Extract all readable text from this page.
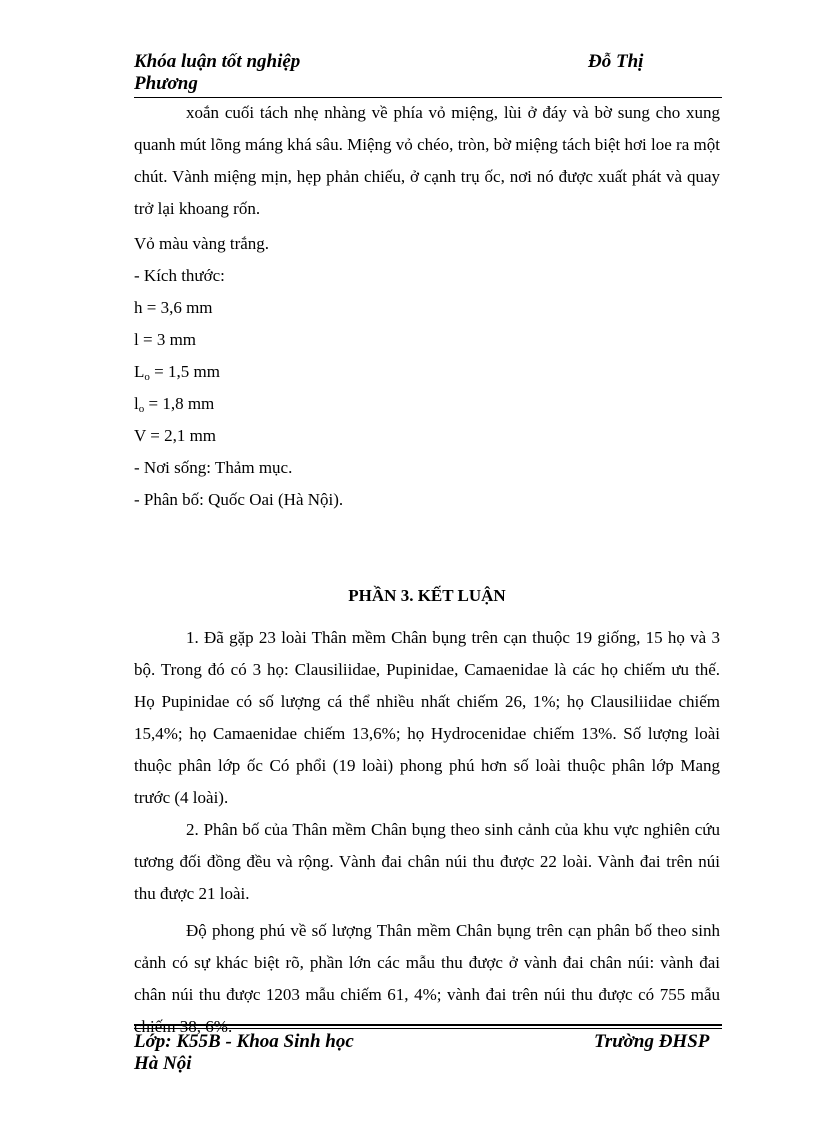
Khóa luận tốt nghiệp	Đỗ Thị
Phương

xoắn cuối tách nhẹ nhàng về phía vỏ miệng, lùi ở đáy và bờ sung cho xung quanh mút lõng máng khá sâu. Miệng vỏ chéo, tròn, bờ miệng tách biệt hơi loe ra một chút. Vành miệng mịn, hẹp phản chiếu, ở cạnh trụ ốc, nơi nó được xuất phát và quay trở lại khoang rốn.

Vỏ màu vàng trắng.
- Kích thước:
h = 3,6 mm
l = 3 mm
$L_o = 1,5$ mm
$l_o = 1,8$ mm
V = 2,1 mm
- Nơi sống: Thảm mục.
- Phân bố: Quốc Oai (Hà Nội).
PHẦN 3. KẾT LUẬN

1. Đã gặp 23 loài Thân mềm Chân bụng trên cạn thuộc 19 giống, 15 họ và 3 bộ. Trong đó có 3 họ: Clausiliidae, Pupinidae, Camaenidae là các họ chiếm ưu thế. Họ Pupinidae có số lượng cá thể nhiều nhất chiếm 26, 1%; họ Clausiliidae chiếm 15,4%; họ Camaenidae chiếm 13,6%; họ Hydrocenidae chiếm 13%. Số lượng loài thuộc phân lớp ốc Có phổi (19 loài) phong phú hơn số loài thuộc phân lớp Mang trước (4 loài).

2. Phân bố của Thân mềm Chân bụng theo sinh cảnh của khu vực nghiên cứu tương đối đồng đều và rộng. Vành đai chân núi thu được 22 loài. Vành đai trên núi thu được 21 loài.

Độ phong phú về số lượng Thân mềm Chân bụng trên cạn phân bố theo sinh cảnh có sự khác biệt rõ, phần lớn các mẫu thu được ở vành đai chân núi: vành đai chân núi thu được 1203 mẫu chiếm 61, 4%; vành đai trên núi thu được có 755 mẫu chiếm 38, 6%.

Lớp: K55B - Khoa Sinh học	Trường ĐHSP
Hà Nội
